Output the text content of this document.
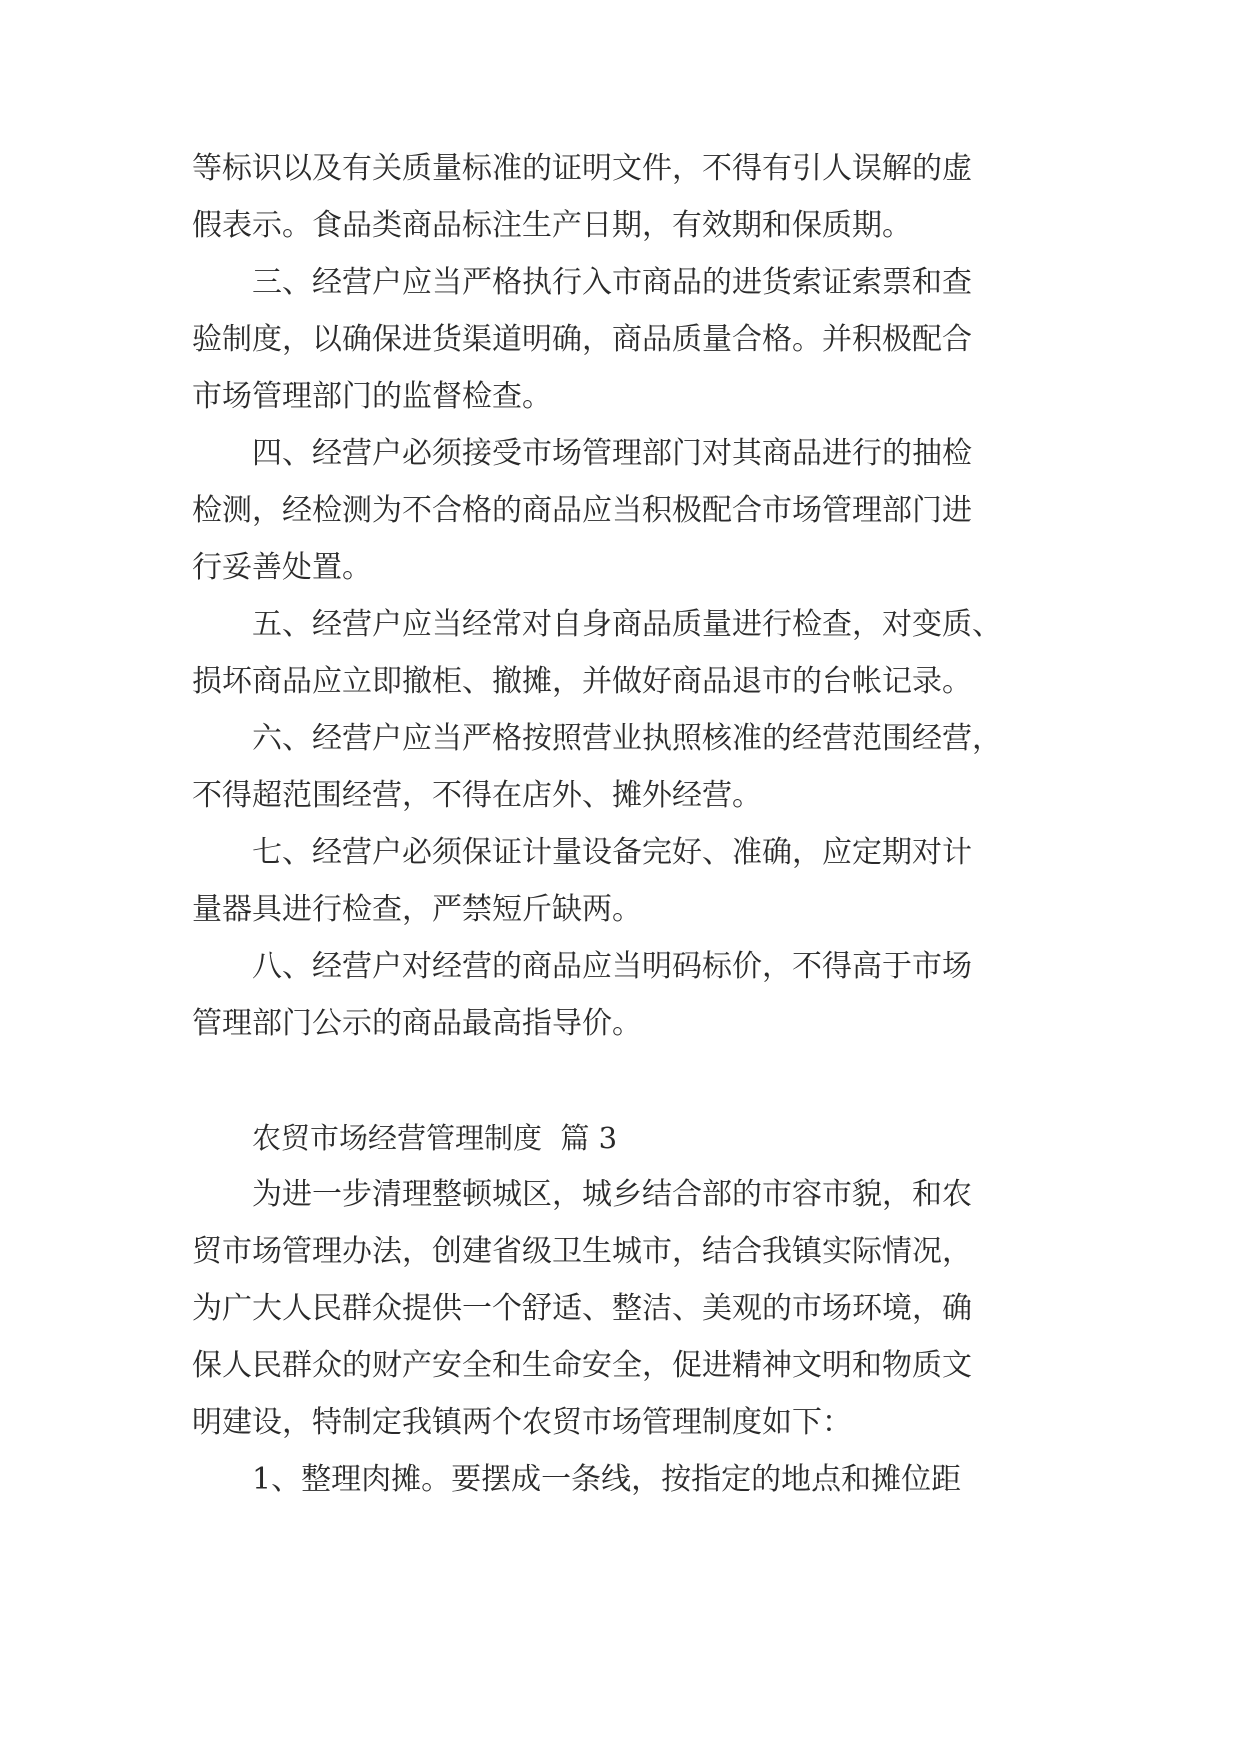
等标识以及有关质量标准的证明文件，不得有引人误解的虚
假表示。食品类商品标注生产日期，有效期和保质期。
三、经营户应当严格执行入市商品的进货索证索票和查
验制度，以确保进货渠道明确，商品质量合格。并积极配合
市场管理部门的监督检查。
四、经营户必须接受市场管理部门对其商品进行的抽检
检测，经检测为不合格的商品应当积极配合市场管理部门进
行妥善处置。
五、经营户应当经常对自身商品质量进行检查，对变质、
损坏商品应立即撤柜、撤摊，并做好商品退市的台帐记录。
六、经营户应当严格按照营业执照核准的经营范围经营，
不得超范围经营，不得在店外、摊外经营。
七、经营户必须保证计量设备完好、准确，应定期对计
量器具进行检查，严禁短斤缺两。
八、经营户对经营的商品应当明码标价，不得高于市场
管理部门公示的商品最高指导价。
农贸市场经营管理制度  篇 3
为进一步清理整顿城区，城乡结合部的市容市貌，和农
贸市场管理办法，创建省级卫生城市，结合我镇实际情况，
为广大人民群众提供一个舒适、整洁、美观的市场环境，确
保人民群众的财产安全和生命安全，促进精神文明和物质文
明建设，特制定我镇两个农贸市场管理制度如下：
1、整理肉摊。要摆成一条线，按指定的地点和摊位距
